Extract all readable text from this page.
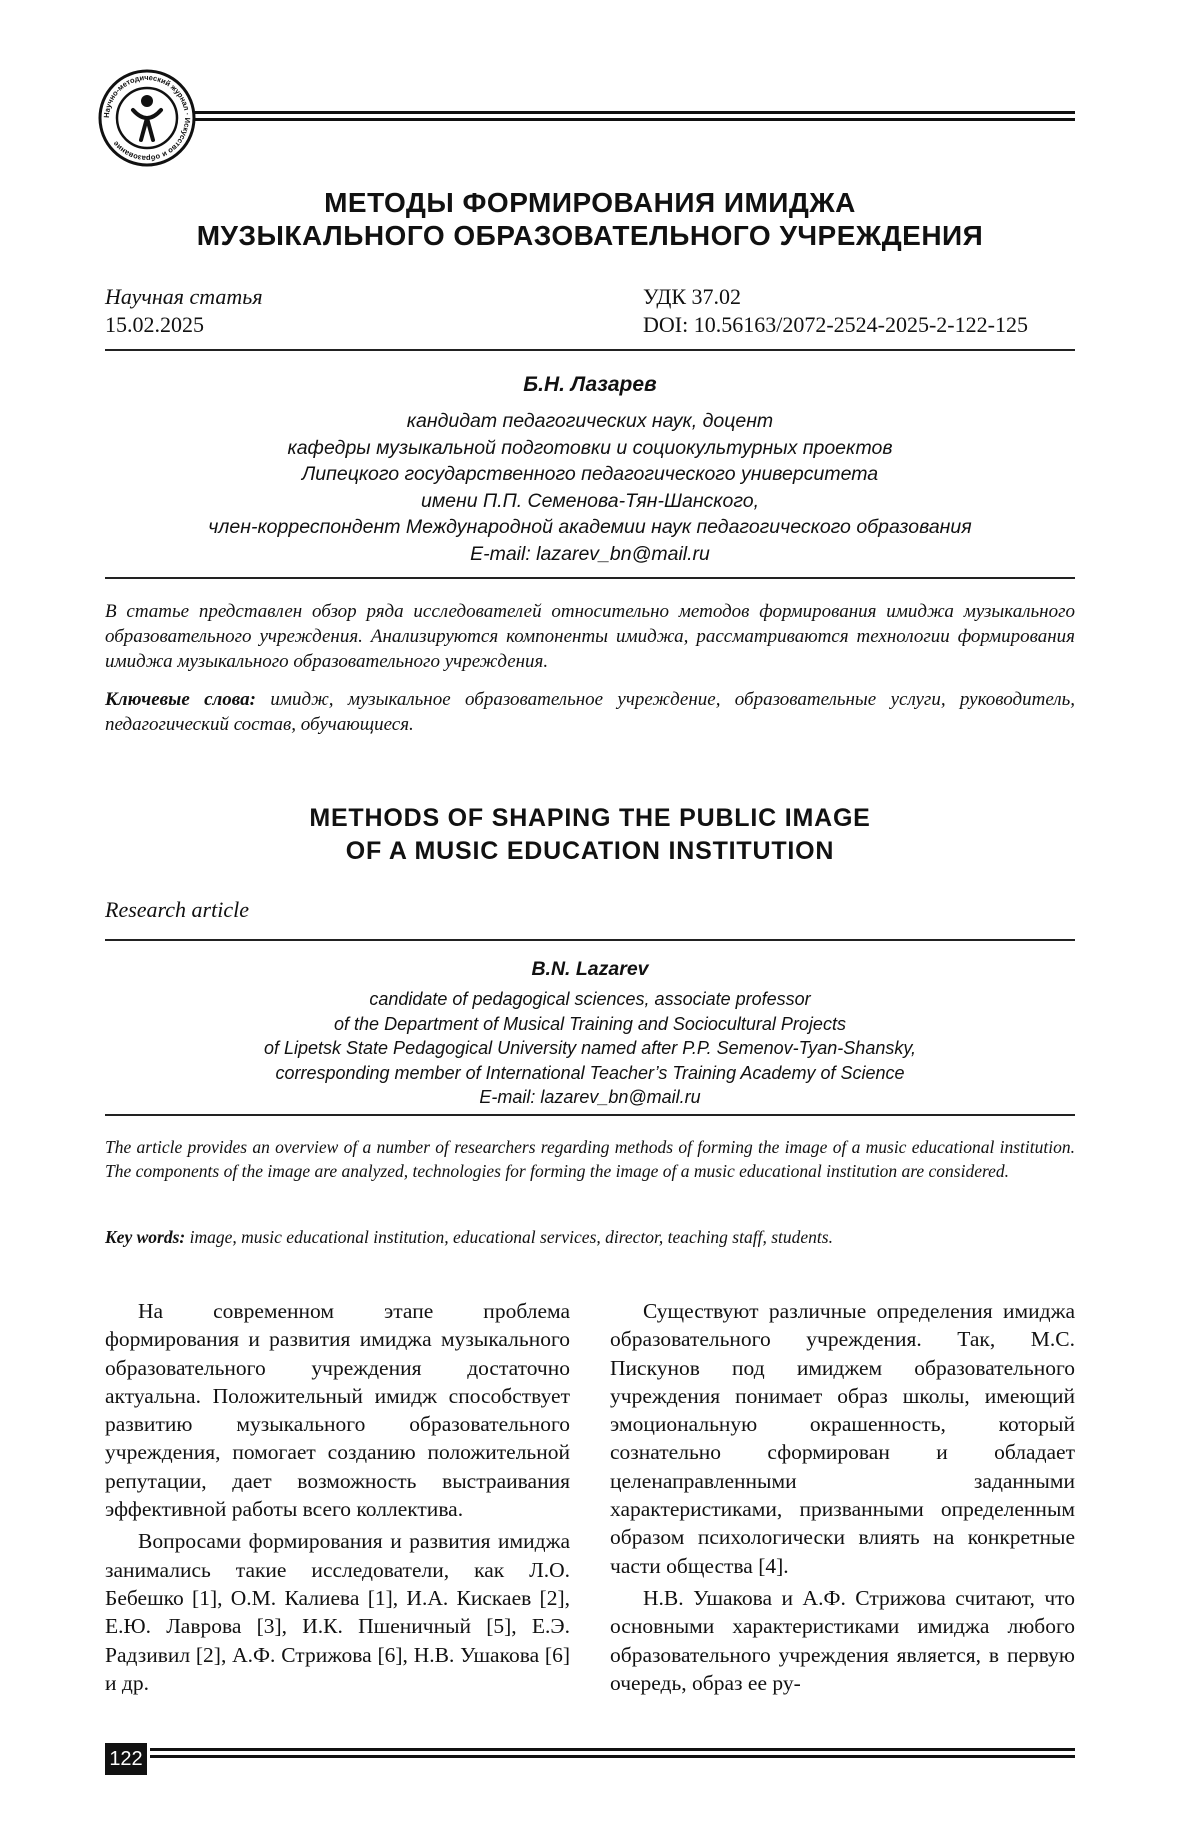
Научно-методический журнал · Искусство и образование
МЕТОДЫ ФОРМИРОВАНИЯ ИМИДЖА
МУЗЫКАЛЬНОГО ОБРАЗОВАТЕЛЬНОГО УЧРЕЖДЕНИЯ
Научная статья	УДК 37.02
15.02.2025	DOI: 10.56163/2072-2524-2025-2-122-125
Б.Н. Лазарев
кандидат педагогических наук, доцент
кафедры музыкальной подготовки и социокультурных проектов
Липецкого государственного педагогического университета
имени П.П. Семенова-Тян-Шанского,
член-корреспондент Международной академии наук педагогического образования
E-mail: lazarev_bn@mail.ru
В статье представлен обзор ряда исследователей относительно методов формирования имиджа музыкального образовательного учреждения. Анализируются компоненты имиджа, рассматриваются технологии формирования имиджа музыкального образовательного учреждения.
Ключевые слова: имидж, музыкальное образовательное учреждение, образовательные услуги, руководитель, педагогический состав, обучающиеся.
METHODS OF SHAPING THE PUBLIC IMAGE
OF A MUSIC EDUCATION INSTITUTION
Research article
B.N. Lazarev
candidate of pedagogical sciences, associate professor
of the Department of Musical Training and Sociocultural Projects
of Lipetsk State Pedagogical University named after P.P. Semenov-Tyan-Shansky,
corresponding member of International Teacher’s Training Academy of Science
E-mail: lazarev_bn@mail.ru
The article provides an overview of a number of researchers regarding methods of forming the image of a music educational institution. The components of the image are analyzed, technologies for forming the image of a music educational institution are considered.
Key words: image, music educational institution, educational services, director, teaching staff, students.

На современном этапе проблема формирования и развития имиджа музыкального образовательного учреждения достаточно актуальна. Положительный имидж способствует развитию музыкального образовательного учреждения, помогает созданию положительной репутации, дает возможность выстраивания эффективной работы всего коллектива.

Вопросами формирования и развития имиджа занимались такие исследователи, как Л.О. Бебешко [1], О.М. Калиева [1], И.А. Кискаев [2], Е.Ю. Лаврова [3], И.К. Пшеничный [5], Е.Э. Радзивил [2], А.Ф. Стрижова [6], Н.В. Ушакова [6] и др.

Существуют различные определения имиджа образовательного учреждения. Так, М.С. Пискунов под имиджем образовательного учреждения понимает образ школы, имеющий эмоциональную окрашенность, который сознательно сформирован и обладает целенаправленными заданными характеристиками, призванными определенным образом психологически влиять на конкретные части общества [4].

Н.В. Ушакова и А.Ф. Стрижова считают, что основными характеристиками имиджа любого образовательного учреждения является, в первую очередь, образ ее ру-

122
